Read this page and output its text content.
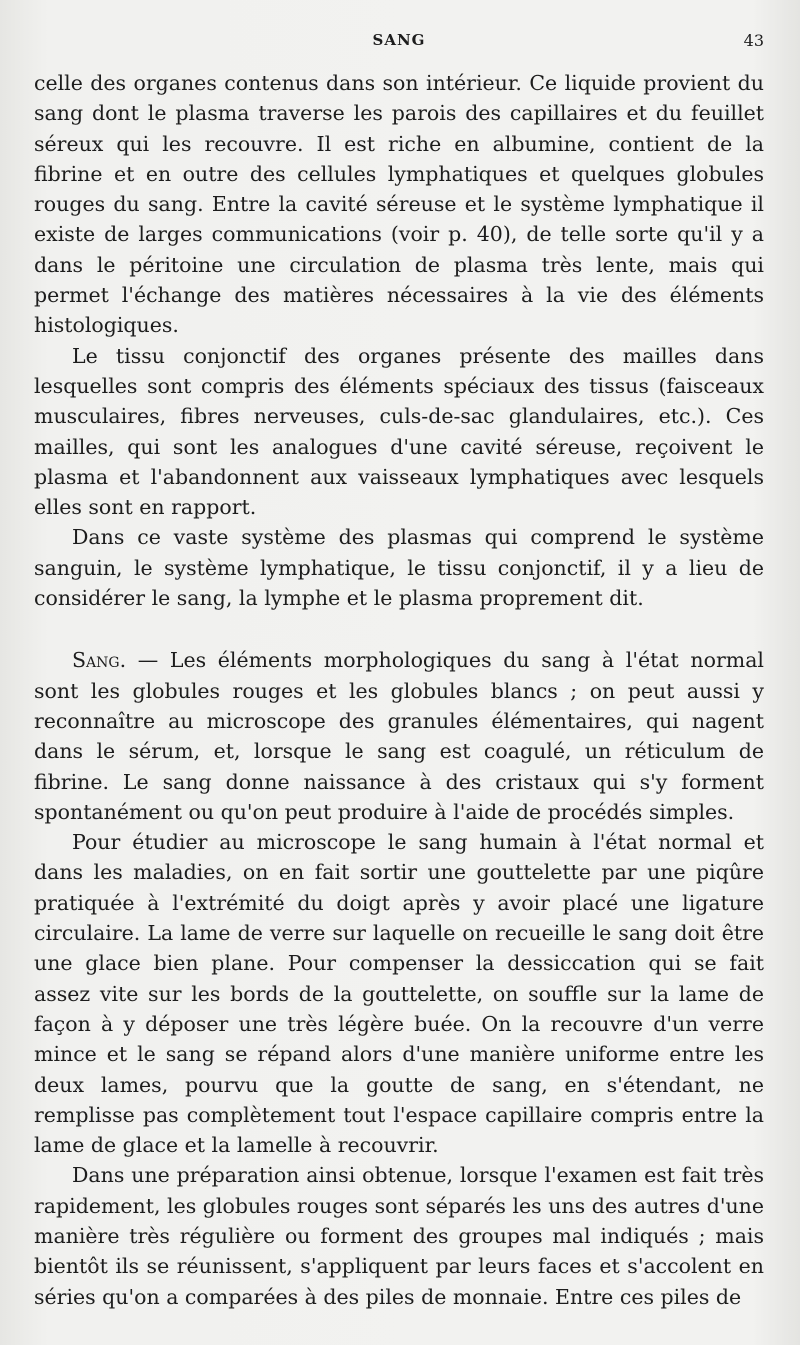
SANG	43

celle des organes contenus dans son intérieur. Ce liquide provient du sang dont le plasma traverse les parois des capillaires et du feuillet séreux qui les recouvre. Il est riche en albumine, contient de la fibrine et en outre des cellules lymphatiques et quelques globules rouges du sang. Entre la cavité séreuse et le système lymphatique il existe de larges communications (voir p. 40), de telle sorte qu'il y a dans le péritoine une circulation de plasma très lente, mais qui permet l'échange des matières nécessaires à la vie des éléments histologiques.

Le tissu conjonctif des organes présente des mailles dans lesquelles sont compris des éléments spéciaux des tissus (faisceaux musculaires, fibres nerveuses, culs-de-sac glandulaires, etc.). Ces mailles, qui sont les analogues d'une cavité séreuse, reçoivent le plasma et l'abandonnent aux vaisseaux lymphatiques avec lesquels elles sont en rapport.

Dans ce vaste système des plasmas qui comprend le système sanguin, le système lymphatique, le tissu conjonctif, il y a lieu de considérer le sang, la lymphe et le plasma proprement dit.

Sang. — Les éléments morphologiques du sang à l'état normal sont les globules rouges et les globules blancs ; on peut aussi y reconnaître au microscope des granules élémentaires, qui nagent dans le sérum, et, lorsque le sang est coagulé, un réticulum de fibrine. Le sang donne naissance à des cristaux qui s'y forment spontanément ou qu'on peut produire à l'aide de procédés simples.

Pour étudier au microscope le sang humain à l'état normal et dans les maladies, on en fait sortir une gouttelette par une piqûre pratiquée à l'extrémité du doigt après y avoir placé une ligature circulaire. La lame de verre sur laquelle on recueille le sang doit être une glace bien plane. Pour compenser la dessiccation qui se fait assez vite sur les bords de la gouttelette, on souffle sur la lame de façon à y déposer une très légère buée. On la recouvre d'un verre mince et le sang se répand alors d'une manière uniforme entre les deux lames, pourvu que la goutte de sang, en s'étendant, ne remplisse pas complètement tout l'espace capillaire compris entre la lame de glace et la lamelle à recouvrir.

Dans une préparation ainsi obtenue, lorsque l'examen est fait très rapidement, les globules rouges sont séparés les uns des autres d'une manière très régulière ou forment des groupes mal indiqués ; mais bientôt ils se réunissent, s'appliquent par leurs faces et s'accolent en séries qu'on a comparées à des piles de monnaie. Entre ces piles de
